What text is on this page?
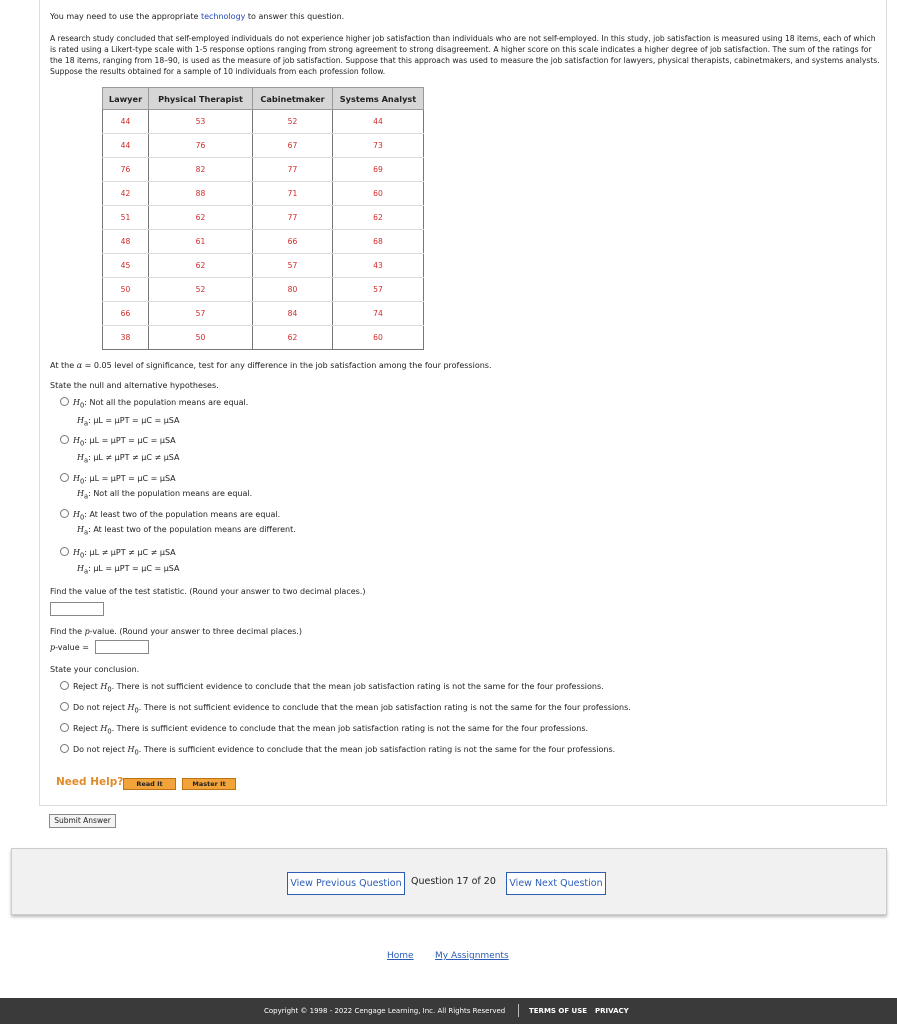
You may need to use the appropriate technology to answer this question.
A research study concluded that self-employed individuals do not experience higher job satisfaction than individuals who are not self-employed. In this study, job satisfaction is measured using 18 items, each of which is rated using a Likert-type scale with 1-5 response options ranging from strong agreement to strong disagreement. A higher score on this scale indicates a higher degree of job satisfaction. The sum of the ratings for the 18 items, ranging from 18–90, is used as the measure of job satisfaction. Suppose that this approach was used to measure the job satisfaction for lawyers, physical therapists, cabinetmakers, and systems analysts. Suppose the results obtained for a sample of 10 individuals from each profession follow.
Lawyer	Physical Therapist	Cabinetmaker	Systems Analyst
44	53	52	44
44	76	67	73
76	82	77	69
42	88	71	60
51	62	77	62
48	61	66	68
45	62	57	43
50	52	80	57
66	57	84	74
38	50	62	60
At the α = 0.05 level of significance, test for any difference in the job satisfaction among the four professions.
State the null and alternative hypotheses.
$H_0$: Not all the population means are equal.
$H_a$: μL = μPT = μC = μSA
$H_0$: μL = μPT = μC = μSA
$H_a$: μL ≠ μPT ≠ μC ≠ μSA
$H_0$: μL = μPT = μC = μSA
$H_a$: Not all the population means are equal.
$H_0$: At least two of the population means are equal.
$H_a$: At least two of the population means are different.
$H_0$: μL ≠ μPT ≠ μC ≠ μSA
$H_a$: μL = μPT = μC = μSA
Find the value of the test statistic. (Round your answer to two decimal places.)
Find the p-value. (Round your answer to three decimal places.)
p-value =
State your conclusion.
Reject $H_0$. There is not sufficient evidence to conclude that the mean job satisfaction rating is not the same for the four professions.
Do not reject $H_0$. There is not sufficient evidence to conclude that the mean job satisfaction rating is not the same for the four professions.
Reject $H_0$. There is sufficient evidence to conclude that the mean job satisfaction rating is not the same for the four professions.
Do not reject $H_0$. There is sufficient evidence to conclude that the mean job satisfaction rating is not the same for the four professions.
Need Help?	Read It	Master It
Submit Answer
View Previous Question Question 17 of 20	View Next Question
Home My Assignments
Copyright © 1998 - 2022 Cengage Learning, Inc. All Rights Reserved	TERMS OF USE PRIVACY
